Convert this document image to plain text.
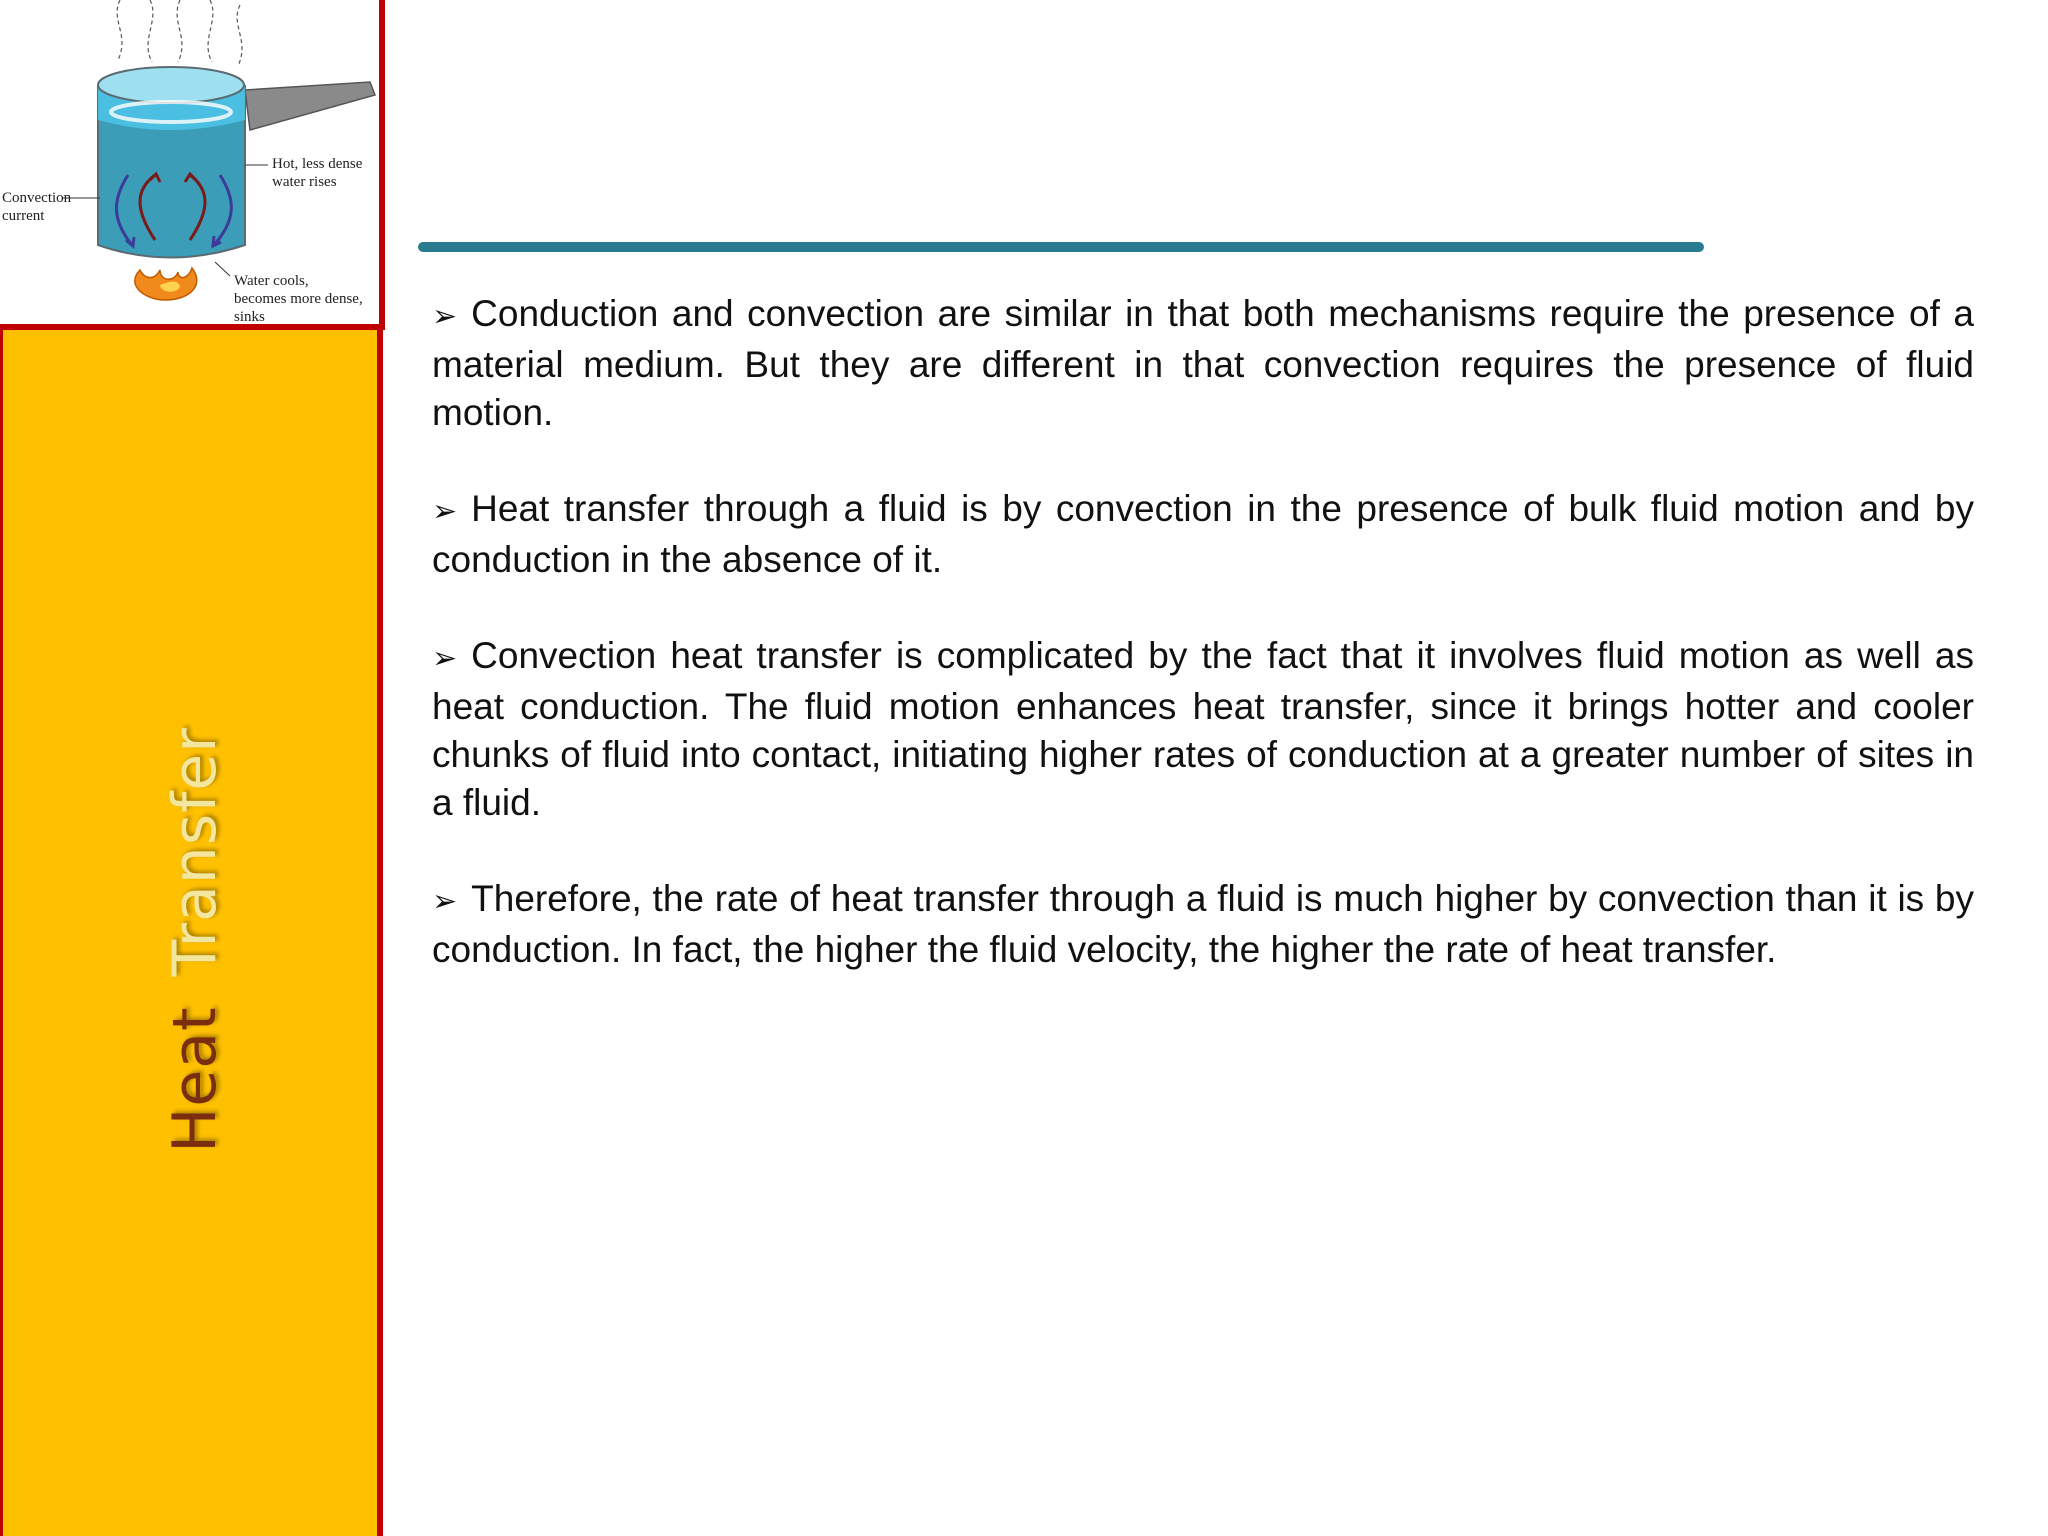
Convection current
Hot, less dense water rises
Water cools, becomes more dense, sinks
HeatTransfer

➢ Conduction and convection are similar in that both mechanisms require the presence of a material medium. But they are different in that convection requires the presence of fluid motion.

➢ Heat transfer through a fluid is by convection in the presence of bulk fluid motion and by conduction in the absence of it.

➢ Convection heat transfer is complicated by the fact that it involves fluid motion as well as heat conduction. The fluid motion enhances heat transfer, since it brings hotter and cooler chunks of fluid into contact, initiating higher rates of conduction at a greater number of sites in a fluid.

➢ Therefore, the rate of heat transfer through a fluid is much higher by convection than it is by conduction. In fact, the higher the fluid velocity, the higher the rate of heat transfer.
